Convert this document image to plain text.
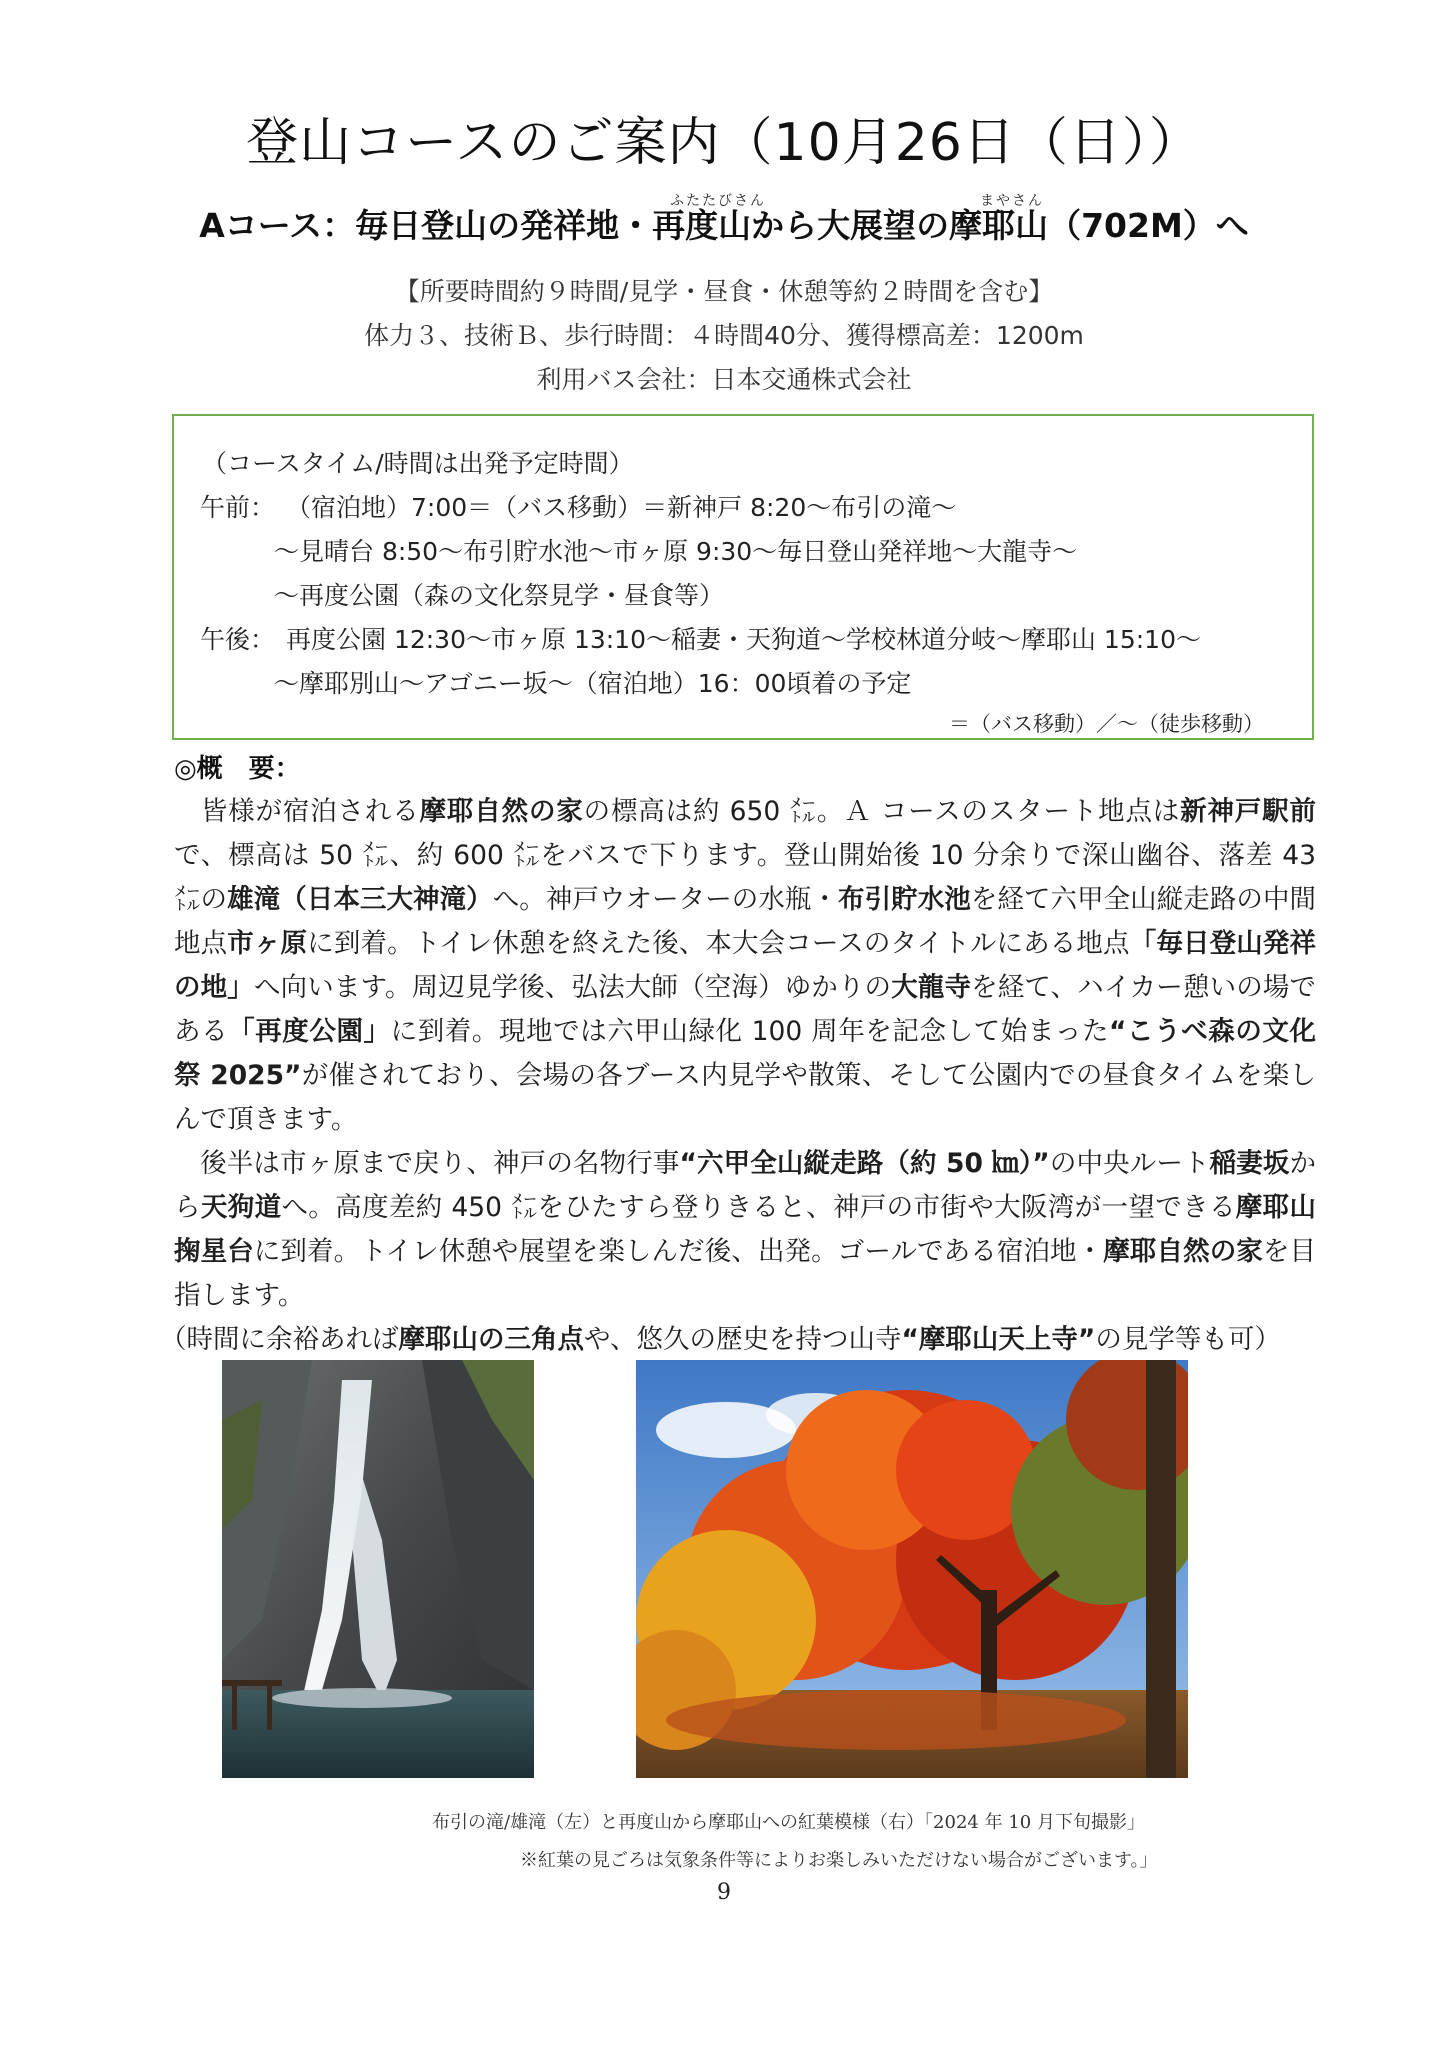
登山コースのご案内（10月26日（日））
ふたたびさん	まやさん
Aコース：毎日登山の発祥地・再度山から大展望の摩耶山（702M）へ
【所要時間約９時間/見学・昼食・休憩等約２時間を含む】
体力３、技術Ｂ、歩行時間：４時間40分、獲得標高差：1200m
利用バス会社：日本交通株式会社
（コースタイム/時間は出発予定時間）
午前： （宿泊地）7:00＝（バス移動）＝新神戸 8:20～布引の滝～
～見晴台 8:50～布引貯水池～市ヶ原 9:30～毎日登山発祥地～大龍寺～
～再度公園（森の文化祭見学・昼食等）
午後： 再度公園 12:30～市ヶ原 13:10～稲妻・天狗道～学校林道分岐～摩耶山 15:10～
～摩耶別山～アゴニー坂～（宿泊地）16：00頃着の予定
＝（バス移動）／～（徒歩移動）
◎概　要：

皆様が宿泊される摩耶自然の家の標高は約 650 ㍍。Ａ コースのスタート地点は新神戸駅前で、標高は 50 ㍍、約 600 ㍍をバスで下ります。登山開始後 10 分余りで深山幽谷、落差 43 ㍍の雄滝（日本三大神滝）へ。神戸ウオーターの水瓶・布引貯水池を経て六甲全山縦走路の中間地点市ヶ原に到着。トイレ休憩を終えた後、本大会コースのタイトルにある地点「毎日登山発祥の地」へ向います。周辺見学後、弘法大師（空海）ゆかりの大龍寺を経て、ハイカー憩いの場である「再度公園」に到着。現地では六甲山緑化 100 周年を記念して始まった“こうべ森の文化祭 2025”が催されており、会場の各ブース内見学や散策、そして公園内での昼食タイムを楽しんで頂きます。

後半は市ヶ原まで戻り、神戸の名物行事“六甲全山縦走路（約 50 ㎞）”の中央ルート稲妻坂から天狗道へ。高度差約 450 ㍍をひたすら登りきると、神戸の市街や大阪湾が一望できる摩耶山掬星台に到着。トイレ休憩や展望を楽しんだ後、出発。ゴールである宿泊地・摩耶自然の家を目指します。

（時間に余裕あれば摩耶山の三角点や、悠久の歴史を持つ山寺“摩耶山天上寺”の見学等も可）

布引の滝/雄滝（左）と再度山から摩耶山への紅葉模様（右）「2024 年 10 月下旬撮影」
※紅葉の見ごろは気象条件等によりお楽しみいただけない場合がございます。」
9
